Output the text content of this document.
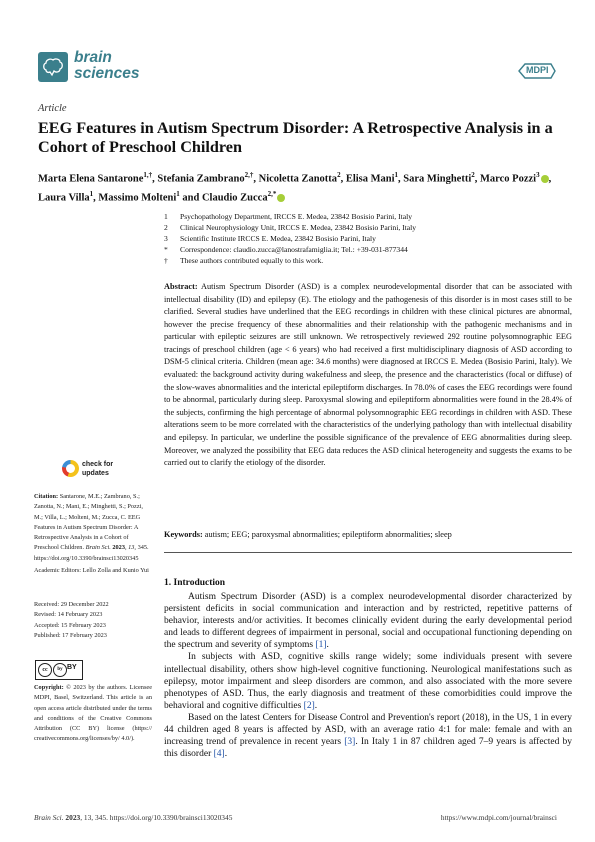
brain
sciences	MDPI
Article
EEG Features in Autism Spectrum Disorder: A Retrospective Analysis in a Cohort of Preschool Children
Marta Elena Santarone$^{1,\dagger}$, Stefania Zambrano$^{2,\dagger}$, Nicoletta Zanotta$^2$, Elisa Mani$^1$, Sara Minghetti$^2$, Marco Pozzi$^3$ , Laura Villa$^1$, Massimo Molteni$^1$ and Claudio Zucca$^{2,*}$
1	Psychopathology Department, IRCCS E. Medea, 23842 Bosisio Parini, Italy
2	Clinical Neurophysiology Unit, IRCCS E. Medea, 23842 Bosisio Parini, Italy
3	Scientific Institute IRCCS E. Medea, 23842 Bosisio Parini, Italy
*	Correspondence: claudio.zucca@lanostrafamiglia.it; Tel.: +39-031-877344
†	These authors contributed equally to this work.
Abstract: Autism Spectrum Disorder (ASD) is a complex neurodevelopmental disorder that can be associated with intellectual disability (ID) and epilepsy (E). The etiology and the pathogenesis of this disorder is in most cases still to be clarified. Several studies have underlined that the EEG recordings in children with these clinical pictures are abnormal, however the precise frequency of these abnormalities and their relationship with the pathogenic mechanisms and in particular with epileptic seizures are still unknown. We retrospectively reviewed 292 routine polysomnographic EEG tracings of preschool children (age < 6 years) who had received a first multidisciplinary diagnosis of ASD according to DSM-5 clinical criteria. Children (mean age: 34.6 months) were diagnosed at IRCCS E. Medea (Bosisio Parini, Italy). We evaluated: the background activity during wakefulness and sleep, the presence and the characteristics (focal or diffuse) of the slow-waves abnormalities and the interictal epileptiform discharges. In 78.0% of cases the EEG recordings were found to be abnormal, particularly during sleep. Paroxysmal slowing and epileptiform abnormalities were found in the 28.4% of the subjects, confirming the high percentage of abnormal polysomnographic EEG recordings in children with ASD. These alterations seem to be more correlated with the characteristics of the underlying pathology than with intellectual disability and epilepsy. In particular, we underline the possible significance of the prevalence of EEG abnormalities during sleep. Moreover, we analyzed the possibility that EEG data reduces the ASD clinical heterogeneity and suggests the exams to be carried out to clarify the etiology of the disorder.
Keywords: autism; EEG; paroxysmal abnormalities; epileptiform abnormalities; sleep
1. Introduction

Autism Spectrum Disorder (ASD) is a complex neurodevelopmental disorder characterized by persistent deficits in social communication and interaction and by restricted, repetitive patterns of behavior, interests and/or activities. It becomes clinically evident during the early developmental period and leads to different degrees of impairment in personal, social and occupational functioning depending on the spectrum and severity of symptoms [1].

In subjects with ASD, cognitive skills range widely; some individuals present with severe intellectual disability, others show high-level cognitive functioning. Neurological manifestations such as epilepsy, motor impairment and sleep disorders are common, and also associated with the more severe phenotypes of ASD. Thus, the early diagnosis and treatment of these comorbidities could improve the behavioral and cognitive difficulties [2].

Based on the latest Centers for Disease Control and Prevention's report (2018), in the US, 1 in every 44 children aged 8 years is affected by ASD, with an average ratio 4:1 for male: female and with an increasing trend of prevalence in recent years [3]. In Italy 1 in 87 children aged 7–9 years is affected by this disorder [4].

check for
updates
Citation: Santarone, M.E.; Zambrano, S.; Zanotta, N.; Mani, E.; Minghetti, S.; Pozzi, M.; Villa, L.; Molteni, M.; Zucca, C. EEG Features in Autism Spectrum Disorder: A Retrospective Analysis in a Cohort of Preschool Children. Brain Sci. 2023, 13, 345. https://doi.org/10.3390/brainsci13020345
Academic Editors: Lello Zolla and Kunio Yui
Received: 29 December 2022
Revised: 14 February 2023
Accepted: 15 February 2023
Published: 17 February 2023
cc	by BY
Copyright: © 2023 by the authors. Licensee MDPI, Basel, Switzerland. This article is an open access article distributed under the terms and conditions of the Creative Commons Attribution (CC BY) license (https:// creativecommons.org/licenses/by/ 4.0/).
Brain Sci. 2023, 13, 345. https://doi.org/10.3390/brainsci13020345	https://www.mdpi.com/journal/brainsci
